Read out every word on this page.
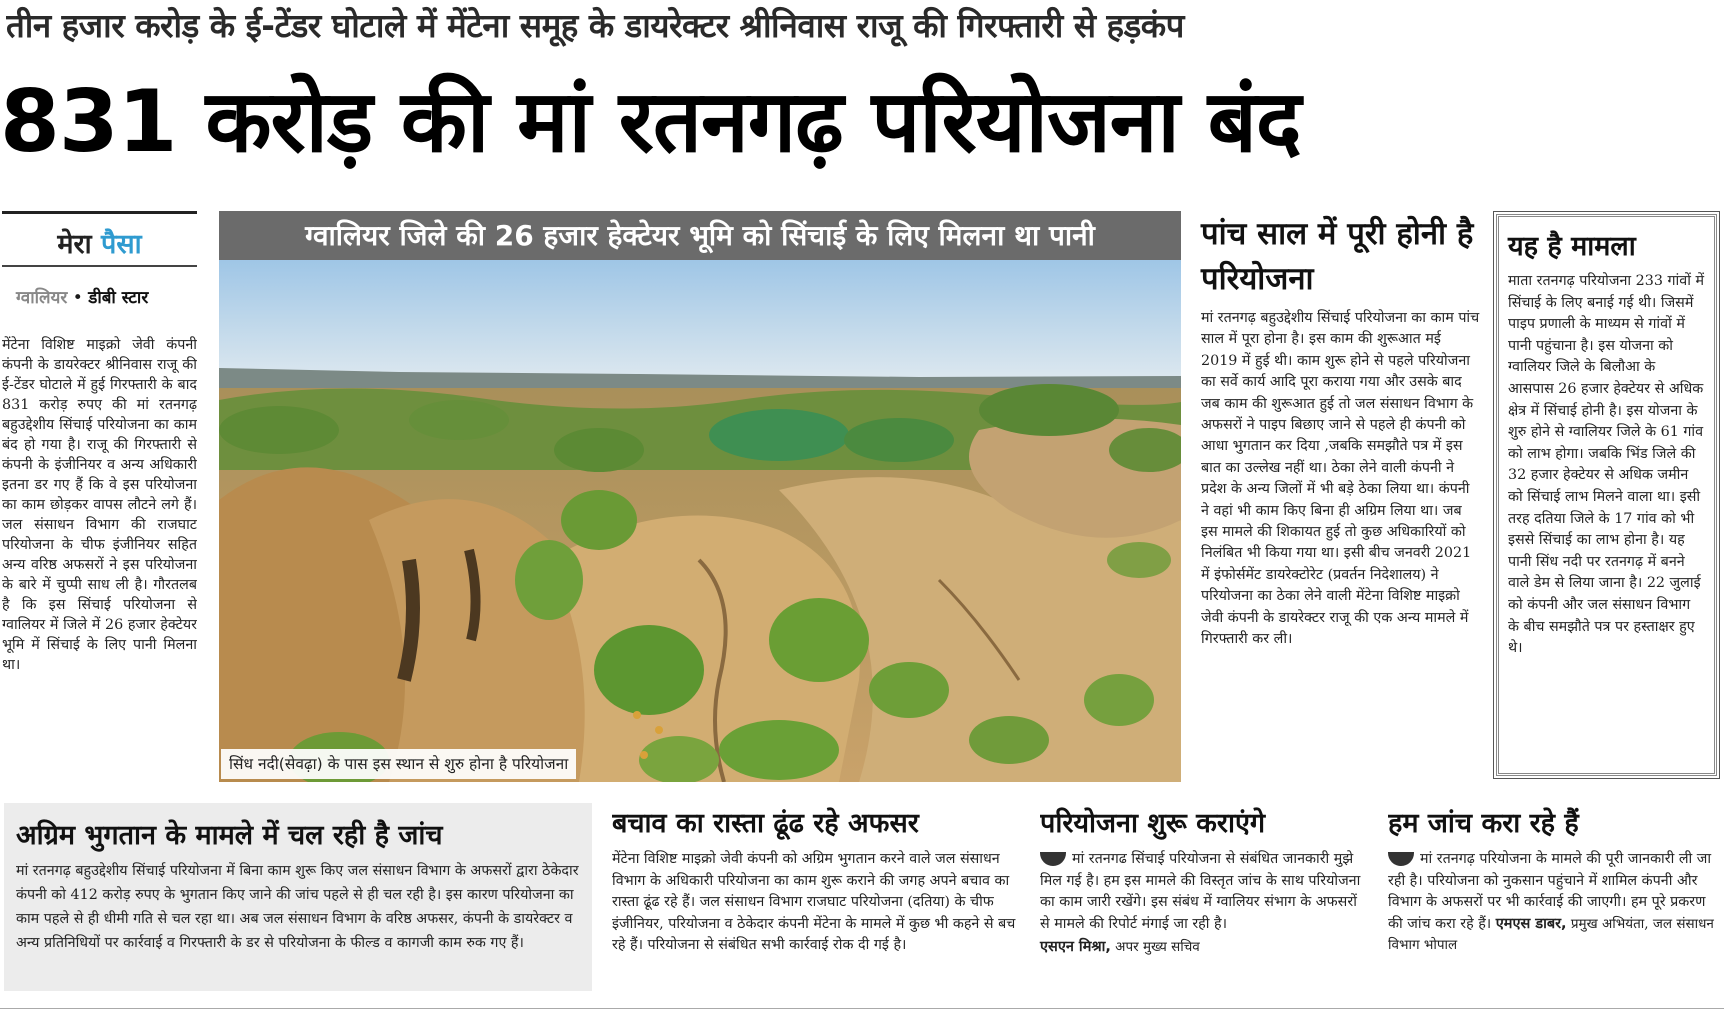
तीन हजार करोड़ के ई-टेंडर घोटाले में मेंटेना समूह के डायरेक्टर श्रीनिवास राजू की गिरफ्तारी से हड़कंप
831 करोड़ की मां रतनगढ़ परियोजना बंद
मेरा पैसा
ग्वालियर • डीबी स्टार
मेंटेना विशिष्ट माइक्रो जेवी कंपनी कंपनी के डायरेक्टर श्रीनिवास राजू की ई-टेंडर घोटाले में हुई गिरफ्तारी के बाद 831 करोड़ रुपए की मां रतनगढ़ बहुउद्देशीय सिंचाई परियोजना का काम बंद हो गया है। राजू की गिरफ्तारी से कंपनी के इंजीनियर व अन्य अधिकारी इतना डर गए हैं कि वे इस परियोजना का काम छोड़कर वापस लौटने लगे हैं। जल संसाधन विभाग की राजघाट परियोजना के चीफ इंजीनियर सहित अन्य वरिष्ठ अफसरों ने इस परियोजना के बारे में चुप्पी साध ली है। गौरतलब है कि इस सिंचाई परियोजना से ग्वालियर में जिले में 26 हजार हेक्टेयर भूमि में सिंचाई के लिए पानी मिलना था।
ग्वालियर जिले की 26 हजार हेक्टेयर भूमि को सिंचाई के लिए मिलना था पानी
सिंध नदी(सेवढ़ा) के पास इस स्थान से शुरु होना है परियोजना
पांच साल में पूरी होनी है परियोजना
मां रतनगढ़ बहुउद्देशीय सिंचाई परियोजना का काम पांच साल में पूरा होना है। इस काम की शुरूआत मई 2019 में हुई थी। काम शुरू होने से पहले परियोजना का सर्वे कार्य आदि पूरा कराया गया और उसके बाद जब काम की शुरूआत हुई तो जल संसाधन विभाग के अफसरों ने पाइप बिछाए जाने से पहले ही कंपनी को आधा भुगतान कर दिया ,जबकि समझौते पत्र में इस बात का उल्लेख नहीं था। ठेका लेने वाली कंपनी ने प्रदेश के अन्य जिलों में भी बड़े ठेका लिया था। कंपनी ने वहां भी काम किए बिना ही अग्रिम लिया था। जब इस मामले की शिकायत हुई तो कुछ अधिकारियों को निलंबित भी किया गया था। इसी बीच जनवरी 2021 में इंफोर्समेंट डायरेक्टोरेट (प्रवर्तन निदेशालय) ने परियोजना का ठेका लेने वाली मेंटेना विशिष्ट माइक्रो जेवी कंपनी के डायरेक्टर राजू की एक अन्य मामले में गिरफ्तारी कर ली।
यह है मामला
माता रतनगढ़ परियोजना 233 गांवों में सिंचाई के लिए बनाई गई थी। जिसमें पाइप प्रणाली के माध्यम से गांवों में पानी पहुंचाना है। इस योजना को ग्वालियर जिले के बिलौआ के आसपास 26 हजार हेक्टेयर से अधिक क्षेत्र में सिंचाई होनी है। इस योजना के शुरु होने से ग्वालियर जिले के 61 गांव को लाभ होगा। जबकि भिंड जिले की 32 हजार हेक्टेयर से अधिक जमीन को सिंचाई लाभ मिलने वाला था। इसी तरह दतिया जिले के 17 गांव को भी इससे सिंचाई का लाभ होना है। यह पानी सिंध नदी पर रतनगढ़ में बनने वाले डेम से लिया जाना है। 22 जुलाई को कंपनी और जल संसाधन विभाग के बीच समझौते पत्र पर हस्ताक्षर हुए थे।
अग्रिम भुगतान के मामले में चल रही है जांच
मां रतनगढ़ बहुउद्देशीय सिंचाई परियोजना में बिना काम शुरू किए जल संसाधन विभाग के अफसरों द्वारा ठेकेदार कंपनी को 412 करोड़ रुपए के भुगतान किए जाने की जांच पहले से ही चल रही है। इस कारण परियोजना का काम पहले से ही धीमी गति से चल रहा था। अब जल संसाधन विभाग के वरिष्ठ अफसर, कंपनी के डायरेक्टर व अन्य प्रतिनिधियों पर कार्रवाई व गिरफ्तारी के डर से परियोजना के फील्ड व कागजी काम रुक गए हैं।
बचाव का रास्ता ढूंढ रहे अफसर
मेंटेना विशिष्ट माइक्रो जेवी कंपनी को अग्रिम भुगतान करने वाले जल संसाधन विभाग के अधिकारी परियोजना का काम शुरू कराने की जगह अपने बचाव का रास्ता ढूंढ रहे हैं। जल संसाधन विभाग राजघाट परियोजना (दतिया) के चीफ इंजीनियर, परियोजना व ठेकेदार कंपनी मेंटेना के मामले में कुछ भी कहने से बच रहे हैं। परियोजना से संबंधित सभी कार्रवाई रोक दी गई है।
परियोजना शुरू कराएंगे
मां रतनगढ सिंचाई परियोजना से संबंधित जानकारी मुझे मिल गई है। हम इस मामले की विस्तृत जांच के साथ परियोजना का काम जारी रखेंगे। इस संबंध में ग्वालियर संभाग के अफसरों से मामले की रिपोर्ट मंगाई जा रही है।
एसएन मिश्रा, अपर मुख्य सचिव
हम जांच करा रहे हैं
मां रतनगढ़ परियोजना के मामले की पूरी जानकारी ली जा रही है। परियोजना को नुकसान पहुंचाने में शामिल कंपनी और विभाग के अफसरों पर भी कार्रवाई की जाएगी। हम पूरे प्रकरण की जांच करा रहे हैं। एमएस डाबर, प्रमुख अभियंता, जल संसाधन विभाग भोपाल
